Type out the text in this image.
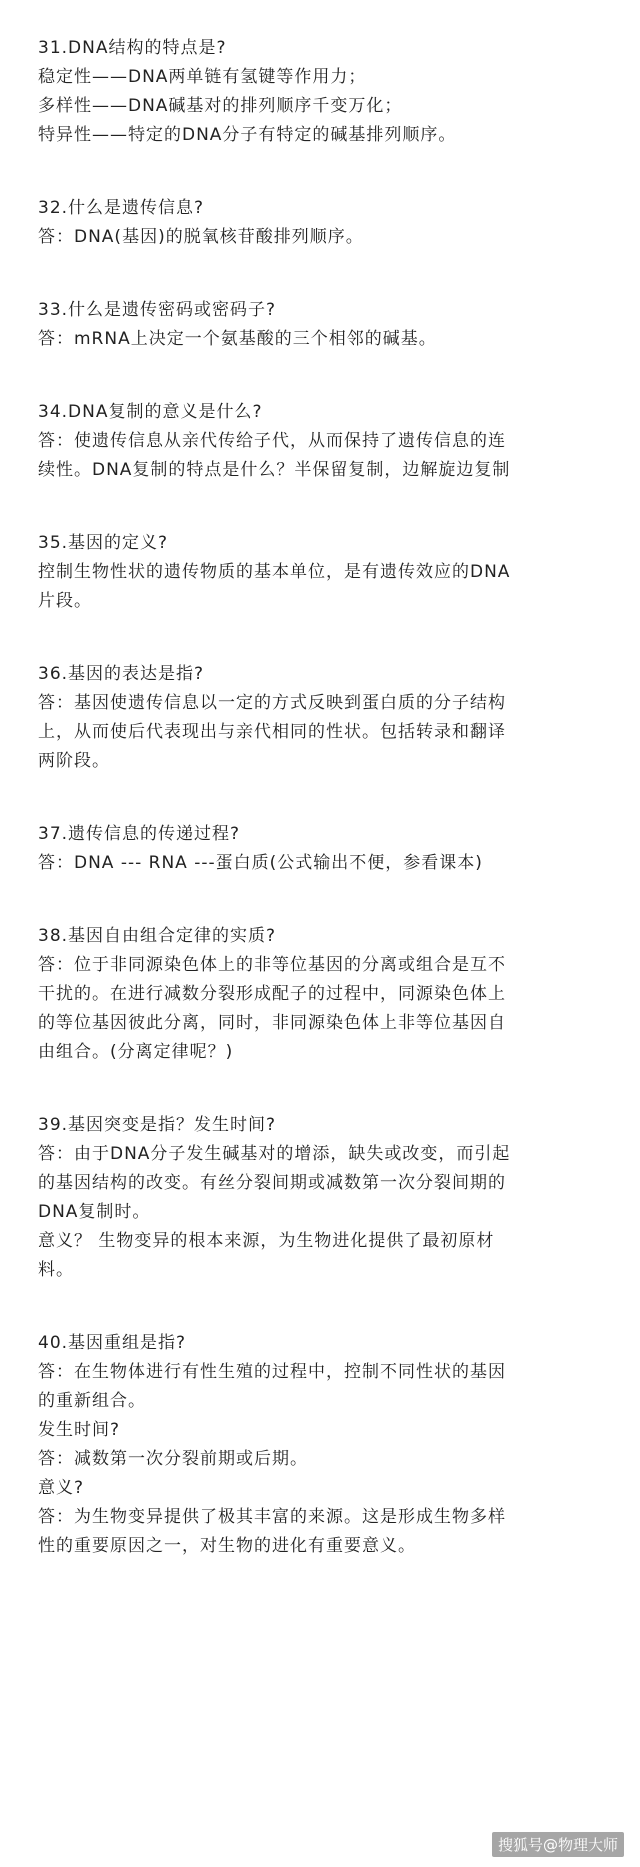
31.DNA结构的特点是?
稳定性——DNA两单链有氢键等作用力；
多样性——DNA碱基对的排列顺序千变万化；
特异性——特定的DNA分子有特定的碱基排列顺序。
32.什么是遗传信息?
答：DNA(基因)的脱氧核苷酸排列顺序。
33.什么是遗传密码或密码子?
答：mRNA上决定一个氨基酸的三个相邻的碱基。
34.DNA复制的意义是什么?
答：使遗传信息从亲代传给子代，从而保持了遗传信息的连
续性。DNA复制的特点是什么？半保留复制，边解旋边复制
35.基因的定义?
控制生物性状的遗传物质的基本单位，是有遗传效应的DNA
片段。
36.基因的表达是指?
答：基因使遗传信息以一定的方式反映到蛋白质的分子结构
上，从而使后代表现出与亲代相同的性状。包括转录和翻译
两阶段。
37.遗传信息的传递过程?
答：DNA --- RNA ---蛋白质(公式输出不便，参看课本)
38.基因自由组合定律的实质?
答：位于非同源染色体上的非等位基因的分离或组合是互不
干扰的。在进行减数分裂形成配子的过程中，同源染色体上
的等位基因彼此分离，同时，非同源染色体上非等位基因自
由组合。(分离定律呢？)
39.基因突变是指？发生时间?
答：由于DNA分子发生碱基对的增添，缺失或改变，而引起
的基因结构的改变。有丝分裂间期或减数第一次分裂间期的
DNA复制时。
意义？ 生物变异的根本来源，为生物进化提供了最初原材
料。
40.基因重组是指?
答：在生物体进行有性生殖的过程中，控制不同性状的基因
的重新组合。
发生时间?
答：减数第一次分裂前期或后期。
意义?
答：为生物变异提供了极其丰富的来源。这是形成生物多样
性的重要原因之一，对生物的进化有重要意义。
搜狐号@物理大师
